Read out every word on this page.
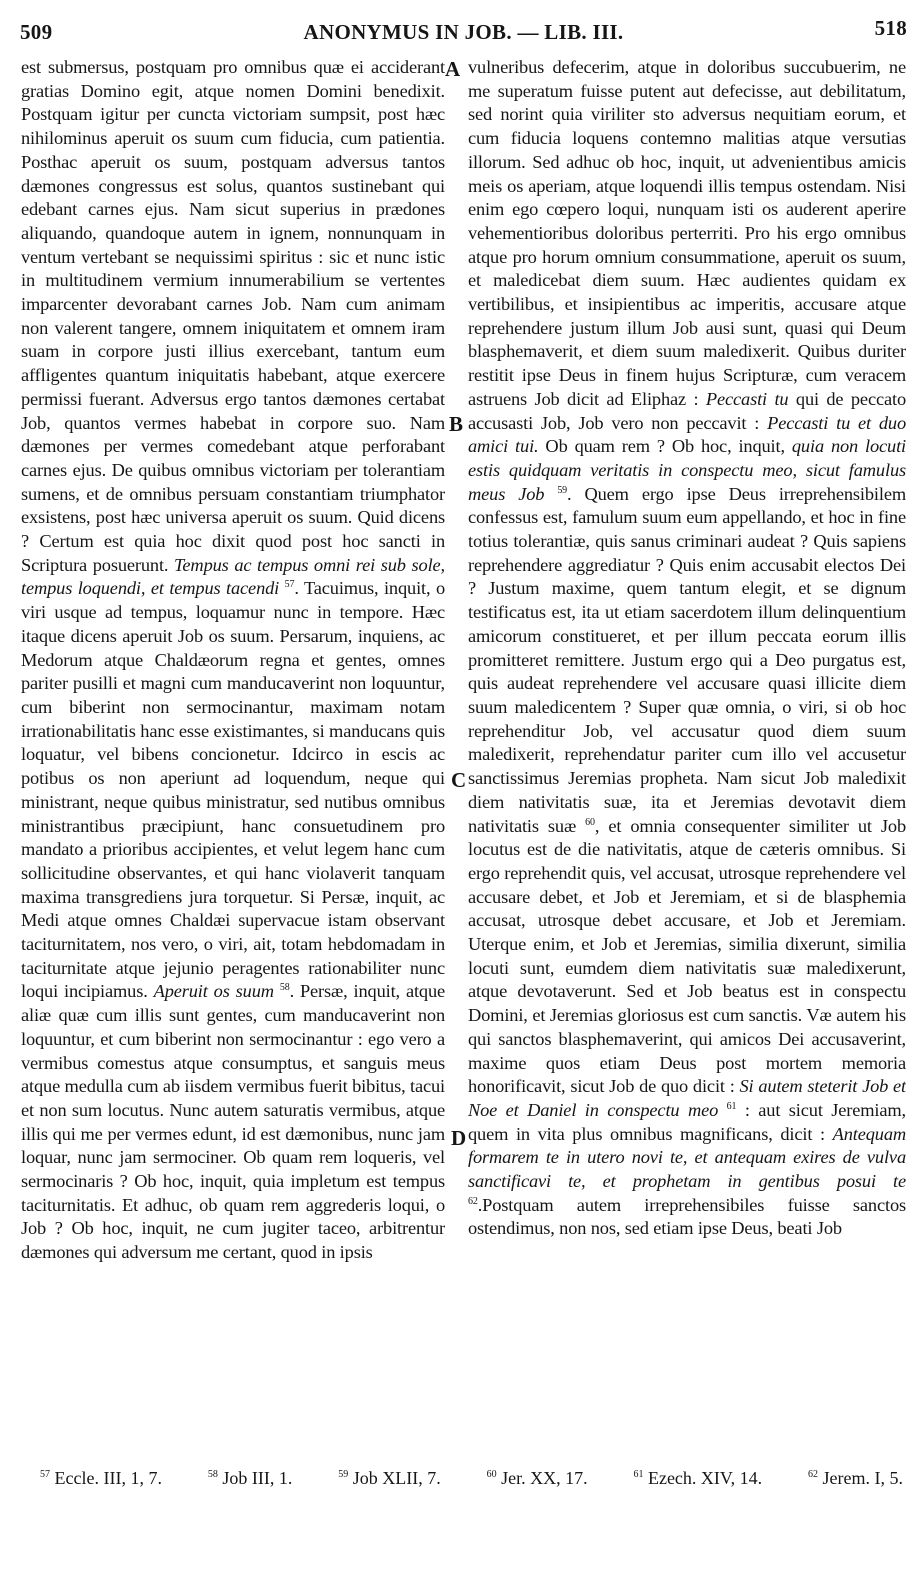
509	ANONYMUS IN JOB. — LIB. III.	518

est submersus, postquam pro omnibus quæ ei acciderant gratias Domino egit, atque nomen Domini benedixit. Postquam igitur per cuncta victoriam sumpsit, post hæc nihilominus aperuit os suum cum fiducia, cum patientia. Posthac aperuit os suum, postquam adversus tantos dæmones congressus est solus, quantos sustinebant qui edebant carnes ejus. Nam sicut superius in prædones aliquando, quandoque autem in ignem, nonnunquam in ventum vertebant se nequissimi spiritus : sic et nunc istic in multitudinem vermium innumerabilium se vertentes imparcenter devorabant carnes Job. Nam cum animam non valerent tangere, omnem iniquitatem et omnem iram suam in corpore justi illius exercebant, tantum eum affligentes quantum iniquitatis habebant, atque exercere permissi fuerant. Adversus ergo tantos dæmones certabat Job, quantos vermes habebat in corpore suo. Nam dæmones per vermes comedebant atque perforabant carnes ejus. De quibus omnibus victoriam per tolerantiam sumens, et de omnibus persuam constantiam triumphator exsistens, post hæc universa aperuit os suum. Quid dicens ? Certum est quia hoc dixit quod post hoc sancti in Scriptura posuerunt. Tempus ac tempus omni rei sub sole, tempus loquendi, et tempus tacendi $^{57}$. Tacuimus, inquit, o viri usque ad tempus, loquamur nunc in tempore. Hæc itaque dicens aperuit Job os suum. Persarum, inquiens, ac Medorum atque Chaldæorum regna et gentes, omnes pariter pusilli et magni cum manducaverint non loquuntur, cum biberint non sermocinantur, maximam notam irrationabilitatis hanc esse existimantes, si manducans quis loquatur, vel bibens concionetur. Idcirco in escis ac potibus os non aperiunt ad loquendum, neque qui ministrant, neque quibus ministratur, sed nutibus omnibus ministrantibus præcipiunt, hanc consuetudinem pro mandato a prioribus accipientes, et velut legem hanc cum sollicitudine observantes, et qui hanc violaverit tanquam maxima transgrediens jura torquetur. Si Persæ, inquit, ac Medi atque omnes Chaldæi supervacue istam observant taciturnitatem, nos vero, o viri, ait, totam hebdomadam in taciturnitate atque jejunio peragentes rationabiliter nunc loqui incipiamus. Aperuit os suum $^{58}$. Persæ, inquit, atque aliæ quæ cum illis sunt gentes, cum manducaverint non loquuntur, et cum biberint non sermocinantur : ego vero a vermibus comestus atque consumptus, et sanguis meus atque medulla cum ab iisdem vermibus fuerit bibitus, tacui et non sum locutus. Nunc autem saturatis vermibus, atque illis qui me per vermes edunt, id est dæmonibus, nunc jam loquar, nunc jam sermociner. Ob quam rem loqueris, vel sermocinaris ? Ob hoc, inquit, quia impletum est tempus taciturnitatis. Et adhuc, ob quam rem aggrederis loqui, o Job ? Ob hoc, inquit, ne cum jugiter taceo, arbitrentur dæmones qui adversum me certant, quod in ipsis

A
B
C
D

vulneribus defecerim, atque in doloribus succubuerim, ne me superatum fuisse putent aut defecisse, aut debilitatum, sed norint quia viriliter sto adversus nequitiam eorum, et cum fiducia loquens contemno malitias atque versutias illorum. Sed adhuc ob hoc, inquit, ut advenientibus amicis meis os aperiam, atque loquendi illis tempus ostendam. Nisi enim ego cœpero loqui, nunquam isti os auderent aperire vehementioribus doloribus perterriti. Pro his ergo omnibus atque pro horum omnium consummatione, aperuit os suum, et maledicebat diem suum. Hæc audientes quidam ex vertibilibus, et insipientibus ac imperitis, accusare atque reprehendere justum illum Job ausi sunt, quasi qui Deum blasphemaverit, et diem suum maledixerit. Quibus duriter restitit ipse Deus in finem hujus Scripturæ, cum veracem astruens Job dicit ad Eliphaz : Peccasti tu qui de peccato accusasti Job, Job vero non peccavit : Peccasti tu et duo amici tui. Ob quam rem ? Ob hoc, inquit, quia non locuti estis quidquam veritatis in conspectu meo, sicut famulus meus Job $^{59}$. Quem ergo ipse Deus irreprehensibilem confessus est, famulum suum eum appellando, et hoc in fine totius tolerantiæ, quis sanus criminari audeat ? Quis sapiens reprehendere aggrediatur ? Quis enim accusabit electos Dei ? Justum maxime, quem tantum elegit, et se dignum testificatus est, ita ut etiam sacerdotem illum delinquentium amicorum constitueret, et per illum peccata eorum illis promitteret remittere. Justum ergo qui a Deo purgatus est, quis audeat reprehendere vel accusare quasi illicite diem suum maledicentem ? Super quæ omnia, o viri, si ob hoc reprehenditur Job, vel accusatur quod diem suum maledixerit, reprehendatur pariter cum illo vel accusetur sanctissimus Jeremias propheta. Nam sicut Job maledixit diem nativitatis suæ, ita et Jeremias devotavit diem nativitatis suæ $^{60}$, et omnia consequenter similiter ut Job locutus est de die nativitatis, atque de cæteris omnibus. Si ergo reprehendit quis, vel accusat, utrosque reprehendere vel accusare debet, et Job et Jeremiam, et si de blasphemia accusat, utrosque debet accusare, et Job et Jeremiam. Uterque enim, et Job et Jeremias, similia dixerunt, similia locuti sunt, eumdem diem nativitatis suæ maledixerunt, atque devotaverunt. Sed et Job beatus est in conspectu Domini, et Jeremias gloriosus est cum sanctis. Væ autem his qui sanctos blasphemaverint, qui amicos Dei accusaverint, maxime quos etiam Deus post mortem memoria honorificavit, sicut Job de quo dicit : Si autem steterit Job et Noe et Daniel in conspectu meo $^{61}$ : aut sicut Jeremiam, quem in vita plus omnibus magnificans, dicit : Antequam formarem te in utero novi te, et antequam exires de vulva sanctificavi te, et prophetam in gentibus posui te $^{62}$.Postquam autem irreprehensibiles fuisse sanctos ostendimus, non nos, sed etiam ipse Deus, beati Job

$^{57}$ Eccle. III, 1, 7.	$^{58}$ Job III, 1.	$^{59}$ Job XLII, 7.	$^{60}$ Jer. XX, 17.	$^{61}$ Ezech. XIV, 14.	$^{62}$ Jerem. I, 5.
